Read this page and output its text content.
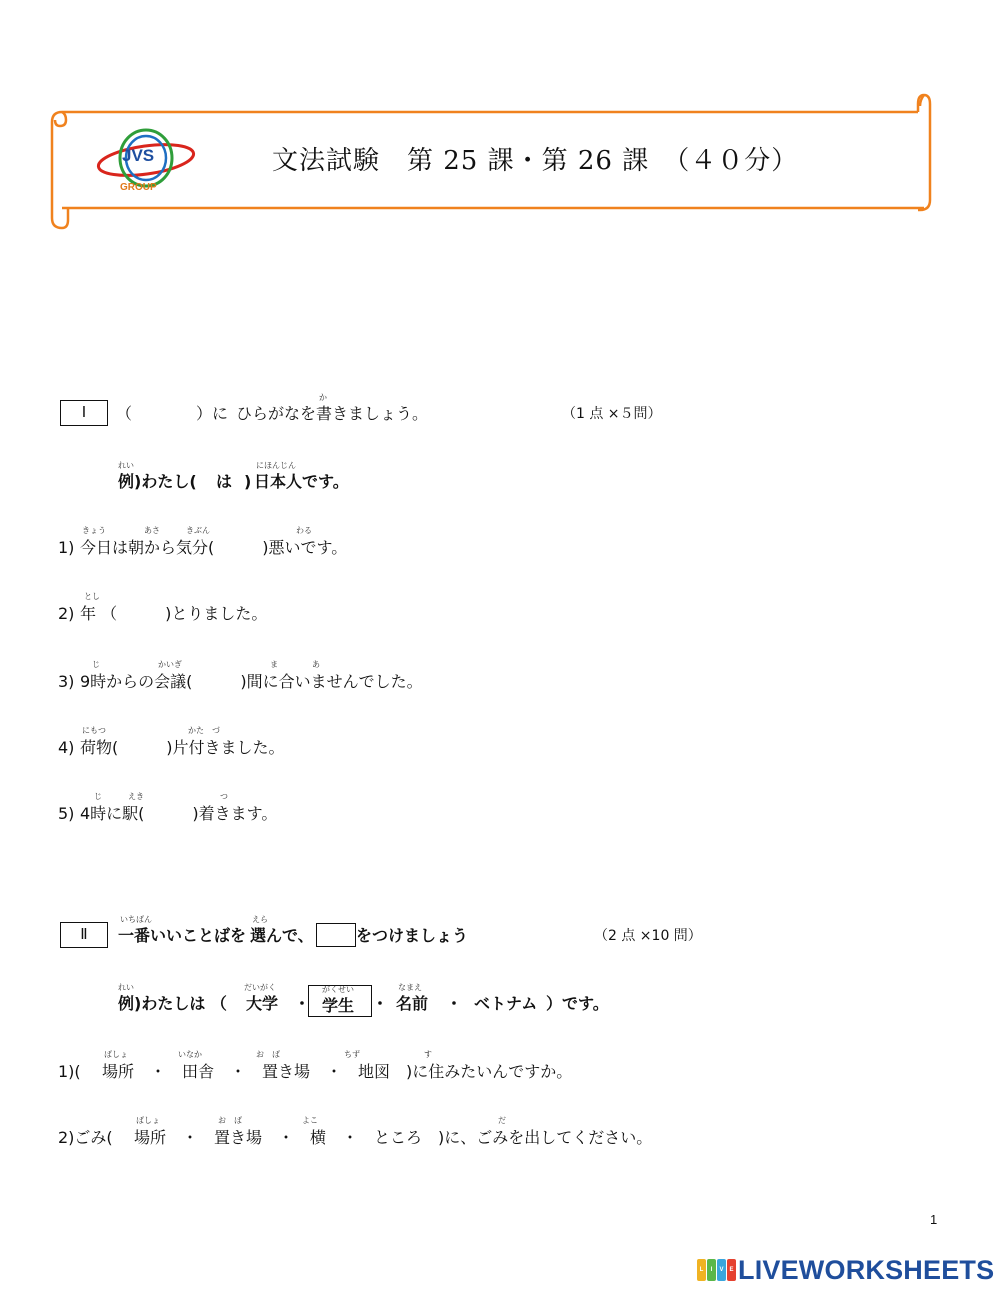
JVS
GROUP
文法試験　第 25 課・第 26 課　（４０分）
Ⅰ	（	）に ひらがなを
か
書 きましょう。	（1 点 ×５問）
れい
例 )わたし( は )
にほんじん
日本人 です。
きょう	あさ	きぶん	わる
1) 今日は朝から気分(　　　)悪いです。
とし
2) 年 （　　　)とりました。
じ	かいぎ	ま	あ
3) 9時からの会議(　　　)間に合いませんでした。
にもつ	かた　づ
4) 荷物(　　　)片付きました。
じ	えき	つ
5) 4時に駅(　　　)着きます。
Ⅱ
いちばん
一番いいことばを
えら
選 んで、	をつけましょう	（2 点 ×10 問）
れい
例 )わたしは （
だいがく
大学 ・
がくせい
学生 ・
なまえ
名前 ・ ベトナム ）です。
ばしょ	いなか	お　ば	ちず	す
1)( 場所　・　田舎　・　置き場　・　地図　)に住みたいんですか。
ばしょ	お　ば	よこ	だ
2)ごみ( 場所　・　置き場　・　横　・　ところ　)に、ごみを出してください。
1
L	I	V E LIVEWORKSHEETS
